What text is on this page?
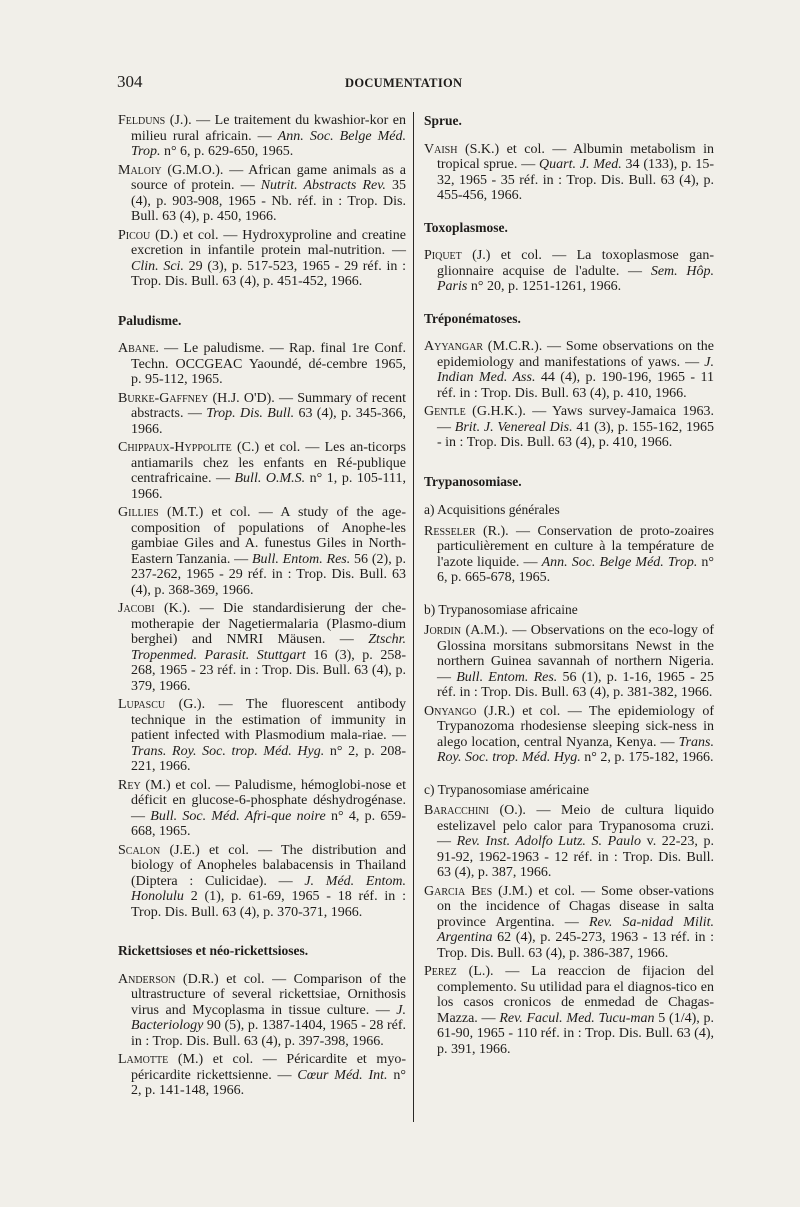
304	DOCUMENTATION

Felduns (J.). — Le traitement du kwashior-kor en milieu rural africain. — Ann. Soc. Belge Méd. Trop. n° 6, p. 629-650, 1965.

Maloiy (G.M.O.). — African game animals as a source of protein. — Nutrit. Abstracts Rev. 35 (4), p. 903-908, 1965 - Nb. réf. in : Trop. Dis. Bull. 63 (4), p. 450, 1966.

Picou (D.) et col. — Hydroxyproline and creatine excretion in infantile protein mal-nutrition. — Clin. Sci. 29 (3), p. 517-523, 1965 - 29 réf. in : Trop. Dis. Bull. 63 (4), p. 451-452, 1966.

Paludisme.

Abane. — Le paludisme. — Rap. final 1re Conf. Techn. OCCGEAC Yaoundé, dé-cembre 1965, p. 95-112, 1965.

Burke-Gaffney (H.J. O'D). — Summary of recent abstracts. — Trop. Dis. Bull. 63 (4), p. 345-366, 1966.

Chippaux-Hyppolite (C.) et col. — Les an-ticorps antiamarils chez les enfants en Ré-publique centrafricaine. — Bull. O.M.S. n° 1, p. 105-111, 1966.

Gillies (M.T.) et col. — A study of the age-composition of populations of Anophe-les gambiae Giles and A. funestus Giles in North-Eastern Tanzania. — Bull. Entom. Res. 56 (2), p. 237-262, 1965 - 29 réf. in : Trop. Dis. Bull. 63 (4), p. 368-369, 1966.

Jacobi (K.). — Die standardisierung der che-motherapie der Nagetiermalaria (Plasmo-dium berghei) and NMRI Mäusen. — Ztschr. Tropenmed. Parasit. Stuttgart 16 (3), p. 258-268, 1965 - 23 réf. in : Trop. Dis. Bull. 63 (4), p. 379, 1966.

Lupascu (G.). — The fluorescent antibody technique in the estimation of immunity in patient infected with Plasmodium mala-riae. — Trans. Roy. Soc. trop. Méd. Hyg. n° 2, p. 208-221, 1966.

Rey (M.) et col. — Paludisme, hémoglobi-nose et déficit en glucose-6-phosphate déshydrogénase. — Bull. Soc. Méd. Afri-que noire n° 4, p. 659-668, 1965.

Scalon (J.E.) et col. — The distribution and biology of Anopheles balabacensis in Thailand (Diptera : Culicidae). — J. Méd. Entom. Honolulu 2 (1), p. 61-69, 1965 - 18 réf. in : Trop. Dis. Bull. 63 (4), p. 370-371, 1966.

Rickettsioses et néo-rickettsioses.

Anderson (D.R.) et col. — Comparison of the ultrastructure of several rickettsiae, Ornithosis virus and Mycoplasma in tissue culture. — J. Bacteriology 90 (5), p. 1387-1404, 1965 - 28 réf. in : Trop. Dis. Bull. 63 (4), p. 397-398, 1966.

Lamotte (M.) et col. — Péricardite et myo-péricardite rickettsienne. — Cœur Méd. Int. n° 2, p. 141-148, 1966.

Sprue.

Vaish (S.K.) et col. — Albumin metabolism in tropical sprue. — Quart. J. Med. 34 (133), p. 15-32, 1965 - 35 réf. in : Trop. Dis. Bull. 63 (4), p. 455-456, 1966.

Toxoplasmose.

Piquet (J.) et col. — La toxoplasmose gan-glionnaire acquise de l'adulte. — Sem. Hôp. Paris n° 20, p. 1251-1261, 1966.

Tréponématoses.

Ayyangar (M.C.R.). — Some observations on the epidemiology and manifestations of yaws. — J. Indian Med. Ass. 44 (4), p. 190-196, 1965 - 11 réf. in : Trop. Dis. Bull. 63 (4), p. 410, 1966.

Gentle (G.H.K.). — Yaws survey-Jamaica 1963. — Brit. J. Venereal Dis. 41 (3), p. 155-162, 1965 - in : Trop. Dis. Bull. 63 (4), p. 410, 1966.

Trypanosomiase.
a) Acquisitions générales

Resseler (R.). — Conservation de proto-zoaires particulièrement en culture à la température de l'azote liquide. — Ann. Soc. Belge Méd. Trop. n° 6, p. 665-678, 1965.

b) Trypanosomiase africaine

Jordin (A.M.). — Observations on the eco-logy of Glossina morsitans submorsitans Newst in the northern Guinea savannah of northern Nigeria. — Bull. Entom. Res. 56 (1), p. 1-16, 1965 - 25 réf. in : Trop. Dis. Bull. 63 (4), p. 381-382, 1966.

Onyango (J.R.) et col. — The epidemiology of Trypanozoma rhodesiense sleeping sick-ness in alego location, central Nyanza, Kenya. — Trans. Roy. Soc. trop. Méd. Hyg. n° 2, p. 175-182, 1966.

c) Trypanosomiase américaine

Baracchini (O.). — Meio de cultura liquido estelizavel pelo calor para Trypanosoma cruzi. — Rev. Inst. Adolfo Lutz. S. Paulo v. 22-23, p. 91-92, 1962-1963 - 12 réf. in : Trop. Dis. Bull. 63 (4), p. 387, 1966.

Garcia Bes (J.M.) et col. — Some obser-vations on the incidence of Chagas disease in salta province Argentina. — Rev. Sa-nidad Milit. Argentina 62 (4), p. 245-273, 1963 - 13 réf. in : Trop. Dis. Bull. 63 (4), p. 386-387, 1966.

Perez (L.). — La reaccion de fijacion del complemento. Su utilidad para el diagnos-tico en los casos cronicos de enmedad de Chagas-Mazza. — Rev. Facul. Med. Tucu-man 5 (1/4), p. 61-90, 1965 - 110 réf. in : Trop. Dis. Bull. 63 (4), p. 391, 1966.
